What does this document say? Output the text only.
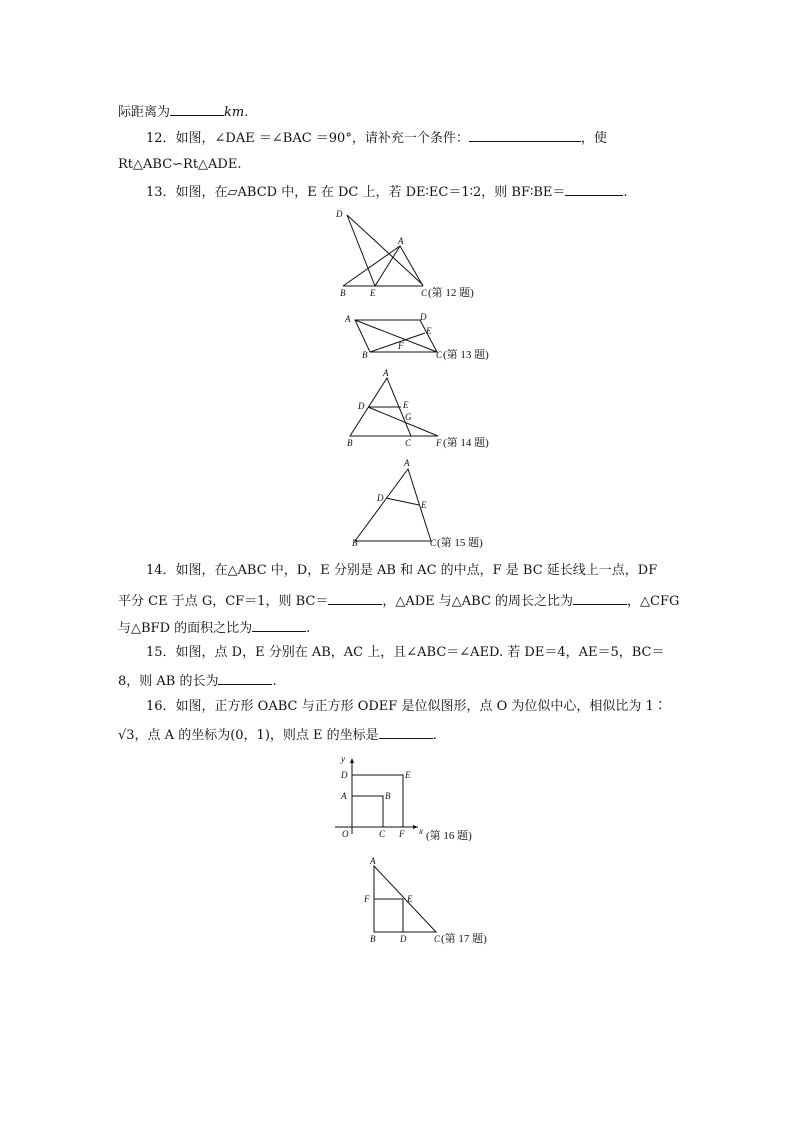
际距离为	km.
12．如图，∠DAE ＝∠BAC ＝90°，请补充一个条件：	，使
Rt△ABC∽Rt△ADE.
13．如图，在▱ABCD 中，E 在 DC 上，若 DE∶EC＝1∶2，则 BF∶BE＝	.
14．如图，在△ABC 中，D，E 分别是 AB 和 AC 的中点，F 是 BC 延长线上一点，DF
平分 CE 于点 G，CF＝1，则 BC＝	，△ADE 与△ABC 的周长之比为	，△CFG
与△BFD 的面积之比为	.
15．如图，点 D，E 分别在 AB，AC 上，且∠ABC＝∠AED. 若 DE＝4，AE＝5，BC＝
8，则 AB 的长为	.
16．如图，正方形 OABC 与正方形 ODEF 是位似图形，点 O 为位似中心，相似比为 1∶
√3，点 A 的坐标为(0，1)，则点 E 的坐标是	.
D
A
B	E	C (第 12 题)
A	D
E
F
B	C (第 13 题)
A
D	E
G
B	C	F (第 14 题)
A
D
E
B	C (第 15 题)
y
D	E
A	B
O	C F x (第 16 题)
A
F	E
B	D	C (第 17 题)
